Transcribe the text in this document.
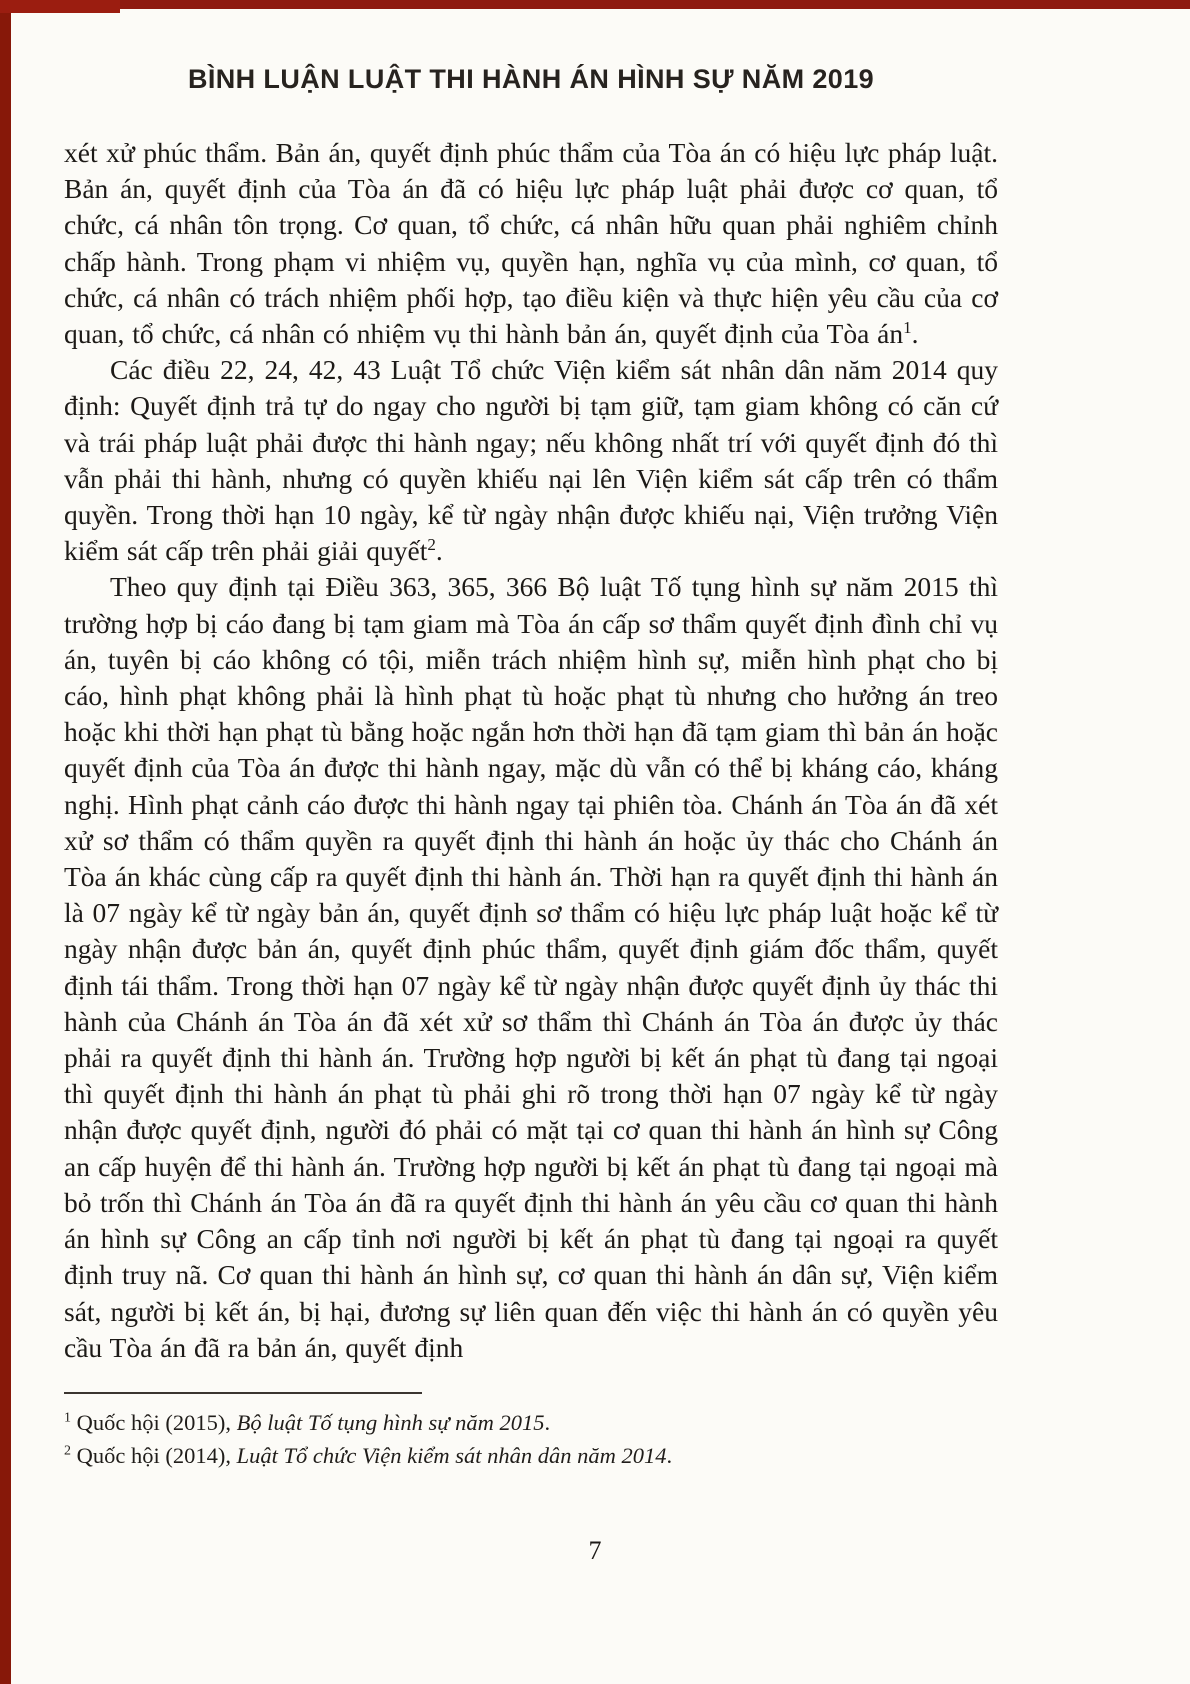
BÌNH LUẬN LUẬT THI HÀNH ÁN HÌNH SỰ NĂM 2019

xét xử phúc thẩm. Bản án, quyết định phúc thẩm của Tòa án có hiệu lực pháp luật. Bản án, quyết định của Tòa án đã có hiệu lực pháp luật phải được cơ quan, tổ chức, cá nhân tôn trọng. Cơ quan, tổ chức, cá nhân hữu quan phải nghiêm chỉnh chấp hành. Trong phạm vi nhiệm vụ, quyền hạn, nghĩa vụ của mình, cơ quan, tổ chức, cá nhân có trách nhiệm phối hợp, tạo điều kiện và thực hiện yêu cầu của cơ quan, tổ chức, cá nhân có nhiệm vụ thi hành bản án, quyết định của Tòa án$^1$.

Các điều 22, 24, 42, 43 Luật Tổ chức Viện kiểm sát nhân dân năm 2014 quy định: Quyết định trả tự do ngay cho người bị tạm giữ, tạm giam không có căn cứ và trái pháp luật phải được thi hành ngay; nếu không nhất trí với quyết định đó thì vẫn phải thi hành, nhưng có quyền khiếu nại lên Viện kiểm sát cấp trên có thẩm quyền. Trong thời hạn 10 ngày, kể từ ngày nhận được khiếu nại, Viện trưởng Viện kiểm sát cấp trên phải giải quyết$^2$.

Theo quy định tại Điều 363, 365, 366 Bộ luật Tố tụng hình sự năm 2015 thì trường hợp bị cáo đang bị tạm giam mà Tòa án cấp sơ thẩm quyết định đình chỉ vụ án, tuyên bị cáo không có tội, miễn trách nhiệm hình sự, miễn hình phạt cho bị cáo, hình phạt không phải là hình phạt tù hoặc phạt tù nhưng cho hưởng án treo hoặc khi thời hạn phạt tù bằng hoặc ngắn hơn thời hạn đã tạm giam thì bản án hoặc quyết định của Tòa án được thi hành ngay, mặc dù vẫn có thể bị kháng cáo, kháng nghị. Hình phạt cảnh cáo được thi hành ngay tại phiên tòa. Chánh án Tòa án đã xét xử sơ thẩm có thẩm quyền ra quyết định thi hành án hoặc ủy thác cho Chánh án Tòa án khác cùng cấp ra quyết định thi hành án. Thời hạn ra quyết định thi hành án là 07 ngày kể từ ngày bản án, quyết định sơ thẩm có hiệu lực pháp luật hoặc kể từ ngày nhận được bản án, quyết định phúc thẩm, quyết định giám đốc thẩm, quyết định tái thẩm. Trong thời hạn 07 ngày kể từ ngày nhận được quyết định ủy thác thi hành của Chánh án Tòa án đã xét xử sơ thẩm thì Chánh án Tòa án được ủy thác phải ra quyết định thi hành án. Trường hợp người bị kết án phạt tù đang tại ngoại thì quyết định thi hành án phạt tù phải ghi rõ trong thời hạn 07 ngày kể từ ngày nhận được quyết định, người đó phải có mặt tại cơ quan thi hành án hình sự Công an cấp huyện để thi hành án. Trường hợp người bị kết án phạt tù đang tại ngoại mà bỏ trốn thì Chánh án Tòa án đã ra quyết định thi hành án yêu cầu cơ quan thi hành án hình sự Công an cấp tỉnh nơi người bị kết án phạt tù đang tại ngoại ra quyết định truy nã. Cơ quan thi hành án hình sự, cơ quan thi hành án dân sự, Viện kiểm sát, người bị kết án, bị hại, đương sự liên quan đến việc thi hành án có quyền yêu cầu Tòa án đã ra bản án, quyết định

$^1$ Quốc hội (2015), Bộ luật Tố tụng hình sự năm 2015.

$^2$ Quốc hội (2014), Luật Tổ chức Viện kiểm sát nhân dân năm 2014.

7
